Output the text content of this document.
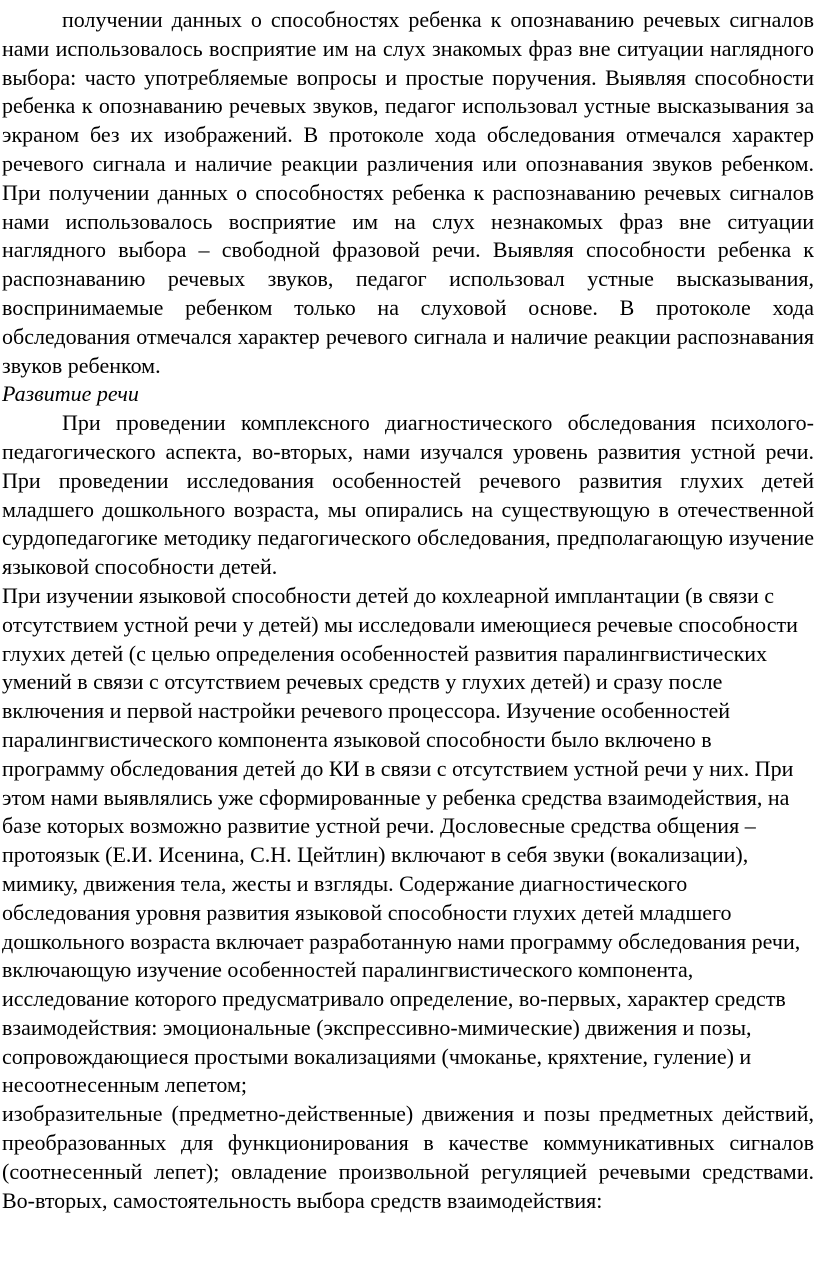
получении данных о способностях ребенка к опознаванию речевых сигналов нами использовалось восприятие им на слух знакомых фраз вне ситуации наглядного выбора: часто употребляемые вопросы и простые поручения. Выявляя способности ребенка к опознаванию речевых звуков, педагог использовал устные высказывания за экраном без их изображений. В протоколе хода обследования отмечался характер речевого сигнала и наличие реакции различения или опознавания звуков ребенком. При получении данных о способностях ребенка к распознаванию речевых сигналов нами использовалось восприятие им на слух незнакомых фраз вне ситуации наглядного выбора – свободной фразовой речи. Выявляя способности ребенка к распознаванию речевых звуков, педагог использовал устные высказывания, воспринимаемые ребенком только на слуховой основе. В протоколе хода обследования отмечался характер речевого сигнала и наличие реакции распознавания звуков ребенком.

Развитие речи

При проведении комплексного диагностического обследования психолого-педагогического аспекта, во-вторых, нами изучался уровень развития устной речи. При проведении исследования особенностей речевого развития глухих детей младшего дошкольного возраста, мы опирались на существующую в отечественной сурдопедагогике методику педагогического обследования, предполагающую изучение языковой способности детей.

При изучении языковой способности детей до кохлеарной имплантации (в связи с отсутствием устной речи у детей) мы исследовали имеющиеся речевые способности глухих детей (с целью определения особенностей развития паралингвистических умений в связи с отсутствием речевых средств у глухих детей) и сразу после включения и первой настройки речевого процессора. Изучение особенностей паралингвистического компонента языковой способности было включено в программу обследования детей до КИ в связи с отсутствием устной речи у них. При этом нами выявлялись уже сформированные у ребенка средства взаимодействия, на базе которых возможно развитие устной речи. Дословесные средства общения – протоязык (Е.И. Исенина, С.Н. Цейтлин) включают в себя звуки (вокализации), мимику, движения тела, жесты и взгляды. Содержание диагностического обследования уровня развития языковой способности глухих детей младшего дошкольного возраста включает разработанную нами программу обследования речи, включающую изучение особенностей паралингвистического компонента, исследование которого предусматривало определение, во-первых, характер средств взаимодействия: эмоциональные (экспрессивно-мимические) движения и позы, сопровождающиеся простыми вокализациями (чмоканье, кряхтение, гуление) и несоотнесенным лепетом;

изобразительные (предметно-действенные) движения и позы предметных действий, преобразованных для функционирования в качестве коммуникативных сигналов (соотнесенный лепет); овладение произвольной регуляцией речевыми средствами. Во-вторых, самостоятельность выбора средств взаимодействия:
